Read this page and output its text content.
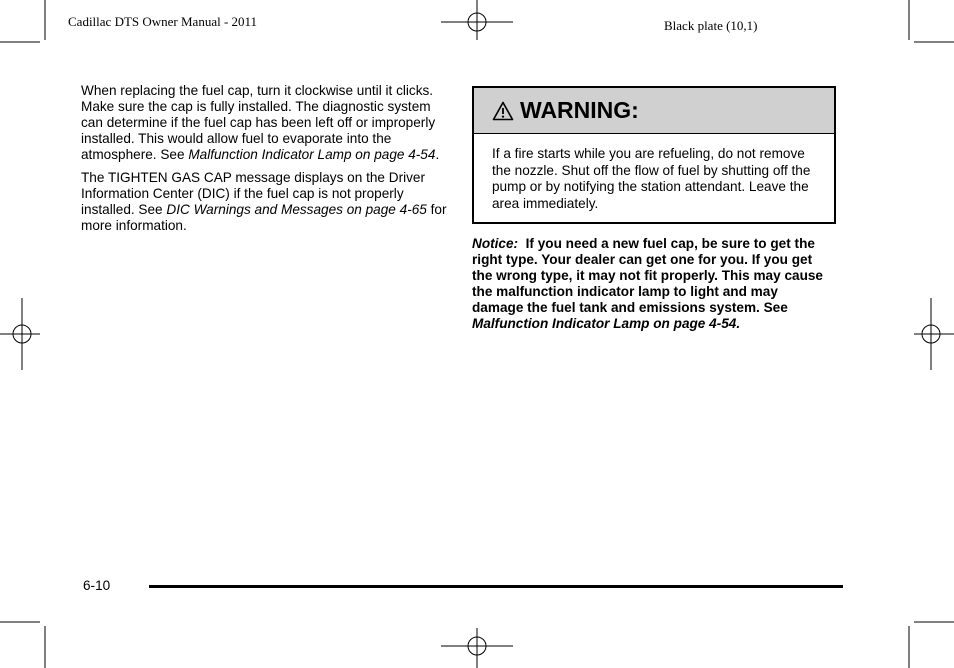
Cadillac DTS Owner Manual - 2011	Black plate (10,1)

When replacing the fuel cap, turn it clockwise until it clicks. Make sure the cap is fully installed. The diagnostic system can determine if the fuel cap has been left off or improperly installed. This would allow fuel to evaporate into the atmosphere. See Malfunction Indicator Lamp on page 4-54.

The TIGHTEN GAS CAP message displays on the Driver Information Center (DIC) if the fuel cap is not properly installed. See DIC Warnings and Messages on page 4-65 for more information.

WARNING:
If a fire starts while you are refueling, do not remove the nozzle. Shut off the flow of fuel by shutting off the pump or by notifying the station attendant. Leave the area immediately.
Notice: If you need a new fuel cap, be sure to get the right type. Your dealer can get one for you. If you get the wrong type, it may not fit properly. This may cause the malfunction indicator lamp to light and may damage the fuel tank and emissions system. See Malfunction Indicator Lamp on page 4-54.
6-10
